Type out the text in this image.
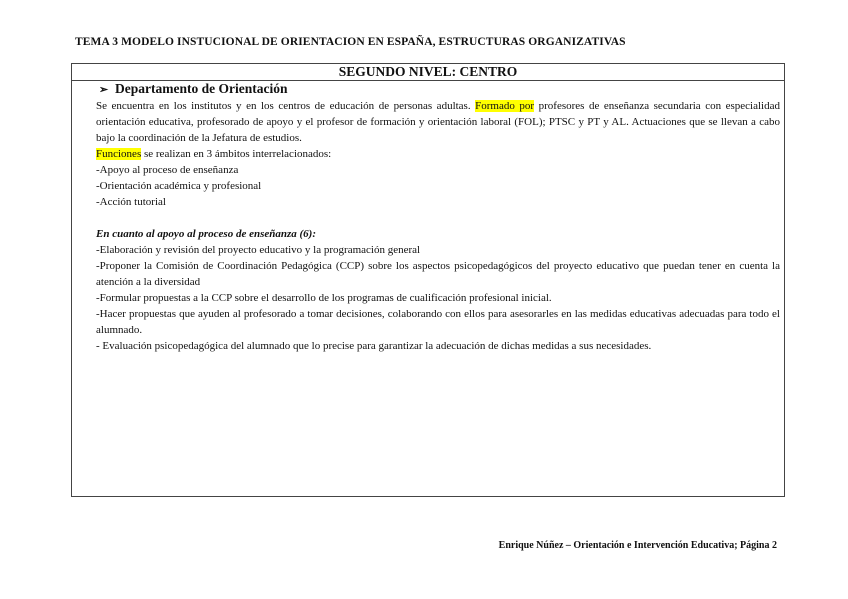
TEMA 3 MODELO INSTUCIONAL DE ORIENTACION EN ESPAÑA, ESTRUCTURAS ORGANIZATIVAS
SEGUNDO NIVEL: CENTRO
➢ Departamento de Orientación
Se encuentra en los institutos y en los centros de educación de personas adultas. Formado por profesores de enseñanza secundaria con especialidad orientación educativa, profesorado de apoyo y el profesor de formación y orientación laboral (FOL); PTSC y PT y AL. Actuaciones que se llevan a cabo bajo la coordinación de la Jefatura de estudios.
Funciones se realizan en 3 ámbitos interrelacionados:
-Apoyo al proceso de enseñanza
-Orientación académica y profesional
-Acción tutorial
En cuanto al apoyo al proceso de enseñanza (6):
-Elaboración y revisión del proyecto educativo y la programación general
-Proponer la Comisión de Coordinación Pedagógica (CCP) sobre los aspectos psicopedagógicos del proyecto educativo que puedan tener en cuenta la atención a la diversidad
-Formular propuestas a la CCP sobre el desarrollo de los programas de cualificación profesional inicial.
-Hacer propuestas que ayuden al profesorado a tomar decisiones, colaborando con ellos para asesorarles en las medidas educativas adecuadas para todo el alumnado.
- Evaluación psicopedagógica del alumnado que lo precise para garantizar la adecuación de dichas medidas a sus necesidades.
Enrique Núñez – Orientación e Intervención Educativa; Página 2
